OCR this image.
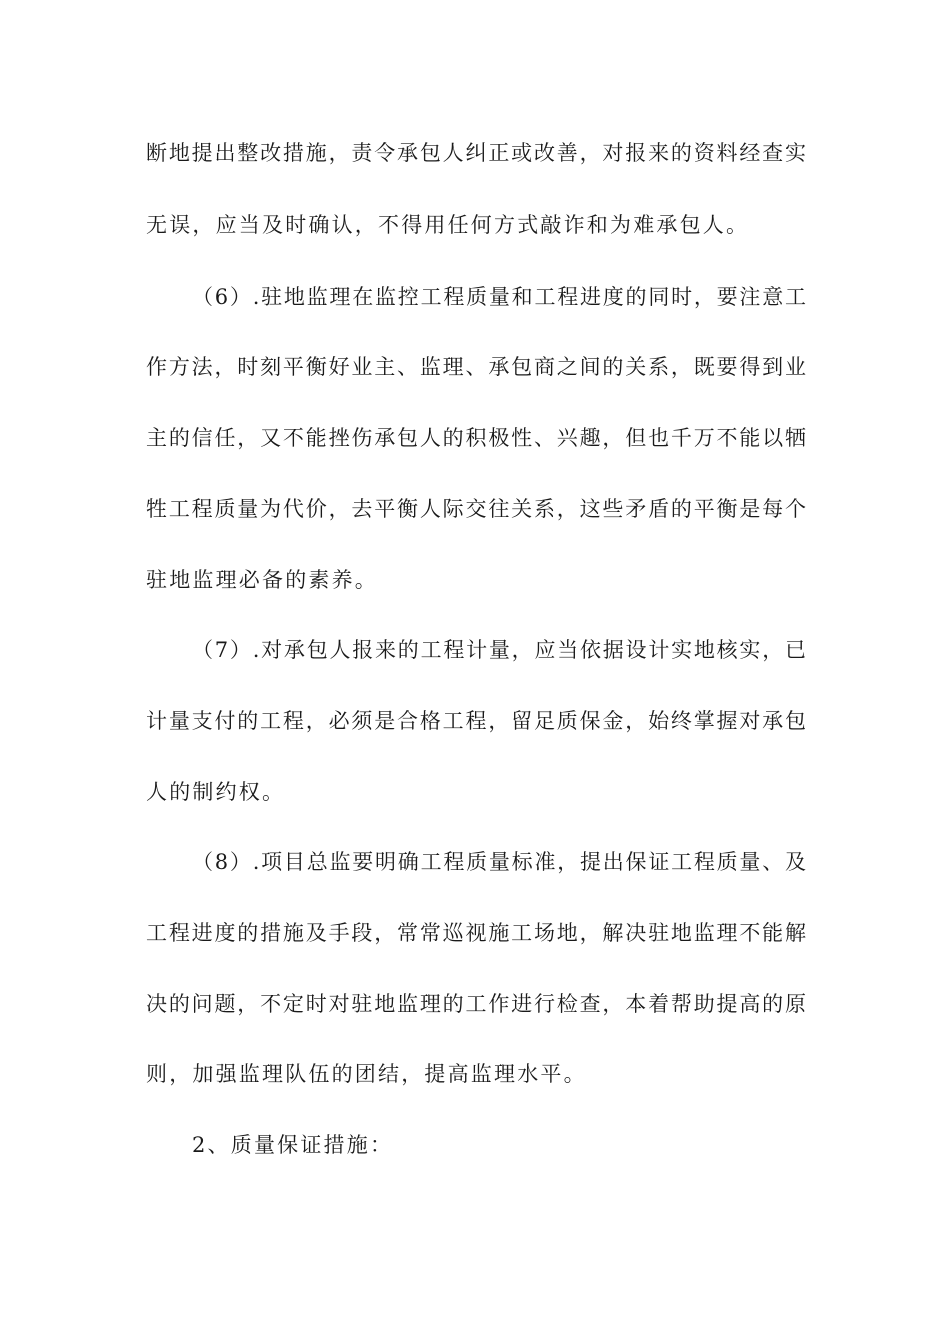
断地提出整改措施，责令承包人纠正或改善，对报来的资料经查实
无误，应当及时确认，不得用任何方式敲诈和为难承包人。
（6）.驻地监理在监控工程质量和工程进度的同时，要注意工
作方法，时刻平衡好业主、监理、承包商之间的关系，既要得到业
主的信任，又不能挫伤承包人的积极性、兴趣，但也千万不能以牺
牲工程质量为代价，去平衡人际交往关系，这些矛盾的平衡是每个
驻地监理必备的素养。
（7）.对承包人报来的工程计量，应当依据设计实地核实，已
计量支付的工程，必须是合格工程，留足质保金，始终掌握对承包
人的制约权。
（8）.项目总监要明确工程质量标准，提出保证工程质量、及
工程进度的措施及手段，常常巡视施工场地，解决驻地监理不能解
决的问题，不定时对驻地监理的工作进行检查，本着帮助提高的原
则，加强监理队伍的团结，提高监理水平。
2、质量保证措施：
